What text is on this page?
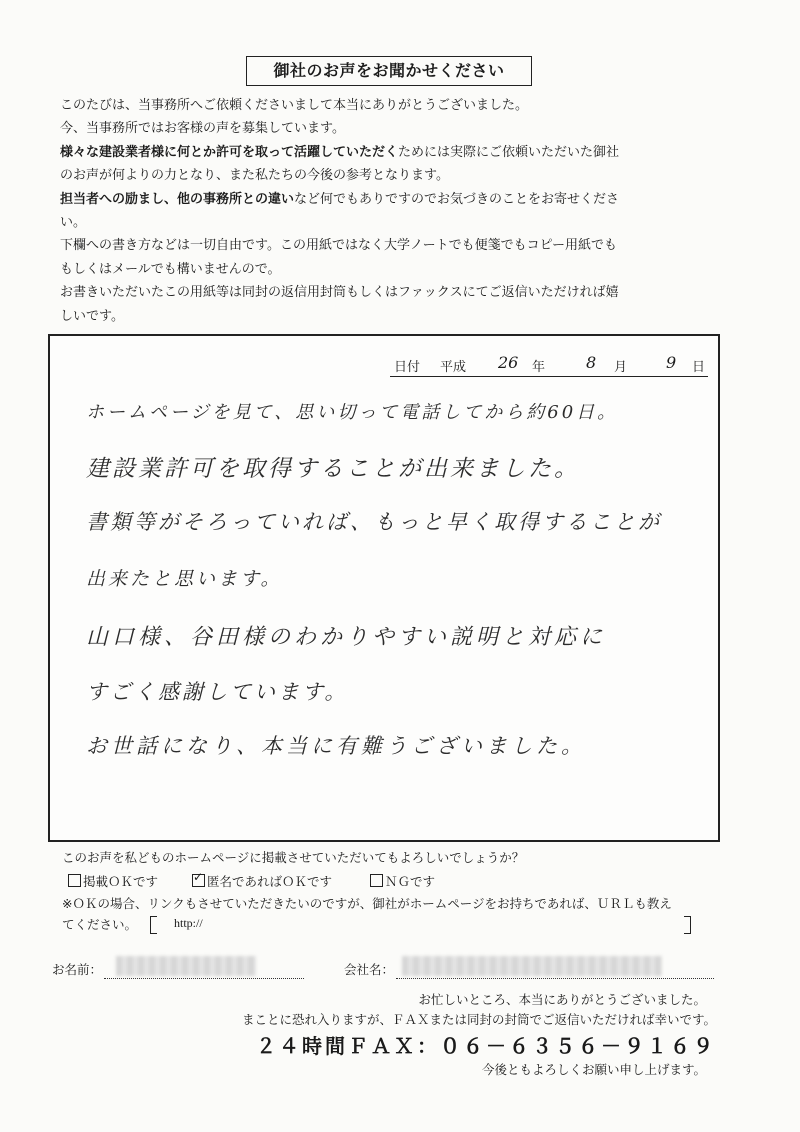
御社のお声をお聞かせください

このたびは、当事務所へご依頼くださいまして本当にありがとうございました。

今、当事務所ではお客様の声を募集しています。

様々な建設業者様に何とか許可を取って活躍していただくためには実際にご依頼いただいた御社

のお声が何よりの力となり、また私たちの今後の参考となります。

担当者への励まし、他の事務所との違いなど何でもありですのでお気づきのことをお寄せくださ

い。

下欄への書き方などは一切自由です。この用紙ではなく大学ノートでも便箋でもコピー用紙でも

もしくはメールでも構いませんので。

お書きいただいたこの用紙等は同封の返信用封筒もしくはファックスにてご返信いただければ嬉

しいです。

日付 平成 26 年	8 月 9 日
ホームページを見て、思い切って電話してから約60日。
建設業許可を取得することが出来ました。
書類等がそろっていれば、もっと早く取得することが
出来たと思います。
山口様、谷田様のわかりやすい説明と対応に
すごく感謝しています。
お世話になり、本当に有難うございました。
このお声を私どものホームページに掲載させていただいてもよろしいでしょうか？
掲載ＯＫです
✓	匿名であればＯＫです	ＮＧです
※ＯＫの場合、リンクもさせていただきたいのですが、御社がホームページをお持ちであれば、ＵＲＬも教え
てください。	http://
お名前：	会社名：
お忙しいところ、本当にありがとうございました。
まことに恐れ入りますが、ＦＡＸまたは同封の封筒でご返信いただければ幸いです。
２４時間ＦＡＸ：０６－６３５６－９１６９
今後ともよろしくお願い申し上げます。
